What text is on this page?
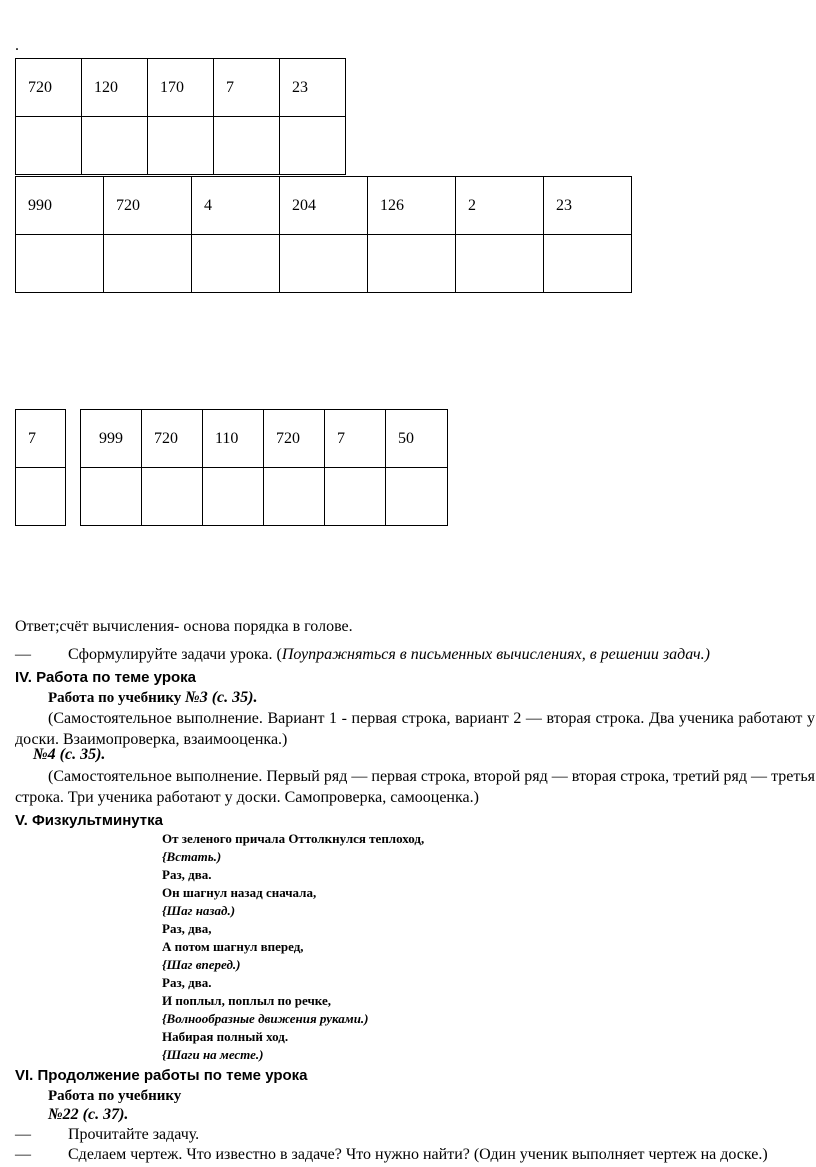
.
720	120	170	7	23

990	720	4	204	126	2	23

7	999	720	110	720	7	50

Ответ;счёт вычисления- основа порядка в голове.
— Сформулируйте задачи урока. (Поупражняться в письменных вычислениях, в решении задач.)
IV. Работа по теме урока
Работа по учебнику №3 (с. 35).
(Самостоятельное выполнение. Вариант 1 - первая строка, вариант 2 — вторая строка. Два ученика работают у доски. Взаимопроверка, взаимооценка.)
№4 (с. 35).
(Самостоятельное выполнение. Первый ряд — первая строка, второй ряд — вторая строка, третий ряд — третья строка. Три ученика работают у доски. Самопроверка, самооценка.)
V. Физкультминутка
От зеленого причала Оттолкнулся теплоход,
{Встать.)
Раз, два.
Он шагнул назад сначала,
{Шаг назад.)
Раз, два,
А потом шагнул вперед,
{Шаг вперед.)
Раз, два.
И поплыл, поплыл по речке,
{Волнообразные движения руками.)
Набирая полный ход.
{Шаги на месте.)
VI. Продолжение работы по теме урока
Работа по учебнику
№22 (с. 37).
— Прочитайте задачу.
— Сделаем чертеж. Что известно в задаче? Что нужно найти? (Один ученик выполняет чертеж на доске.)
